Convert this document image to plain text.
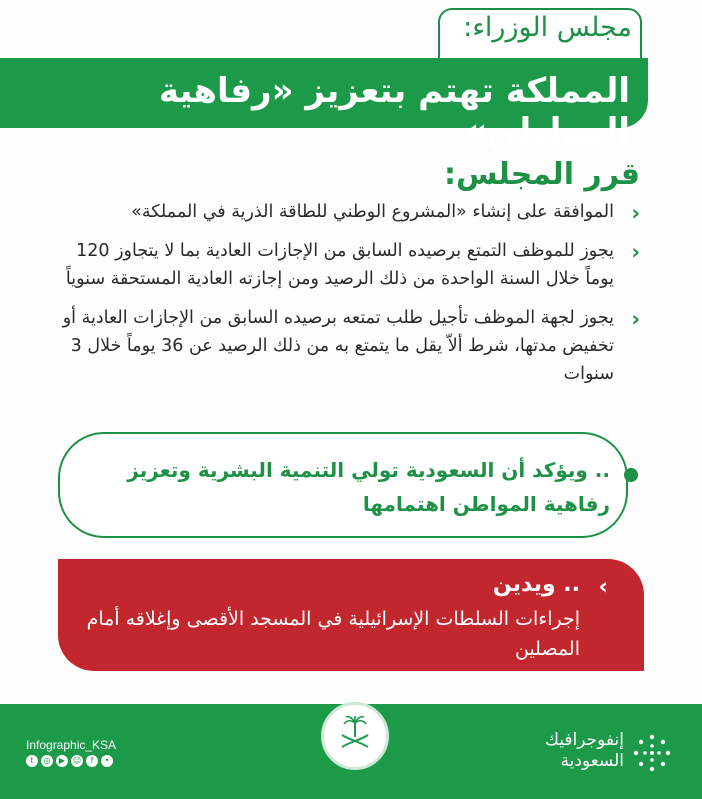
مجلس الوزراء:
المملكة تهتم بتعزيز «رفاهية المواطن»
قرر المجلس:
‹
الموافقة على إنشاء «المشروع الوطني للطاقة الذرية في المملكة»
‹
يجوز للموظف التمتع برصيده السابق من الإجازات العادية بما لا يتجاوز 120 يوماً خلال السنة الواحدة من ذلك الرصيد ومن إجازته العادية المستحقة سنوياً
‹
يجوز لجهة الموظف تأجيل طلب تمتعه برصيده السابق من الإجازات العادية أو تخفيض مدتها، شرط ألاّ يقل ما يتمتع به من ذلك الرصيد عن 36 يوماً خلال 3 سنوات
.. ويؤكد أن السعودية تولي التنمية البشرية وتعزيز رفاهية المواطن اهتمامها
‹
.. ويدين
إجراءات السلطات الإسرائيلية في المسجد الأقصى وإغلاقه أمام المصلين
Infographic_KSA
t	◎	▶ ☺	f	•
إنفوجرافيك
السعودية
